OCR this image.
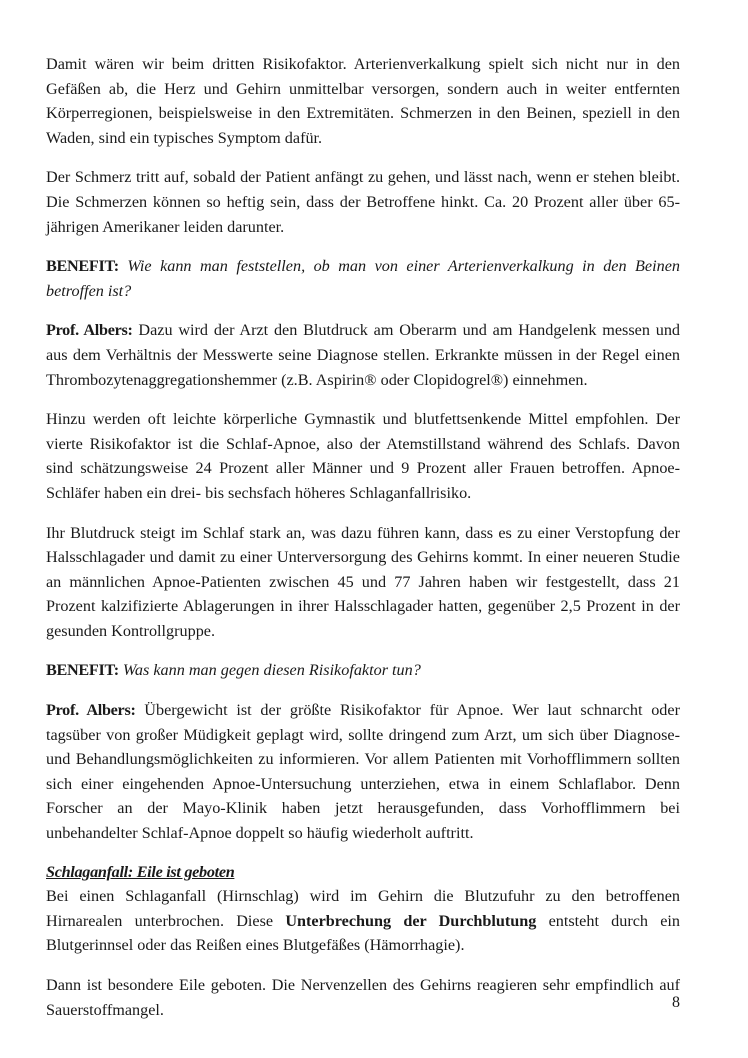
Damit wären wir beim dritten Risikofaktor. Arterienverkalkung spielt sich nicht nur in den Gefäßen ab, die Herz und Gehirn unmittelbar versorgen, sondern auch in weiter entfernten Körperregionen, beispielsweise in den Extremitäten. Schmerzen in den Beinen, speziell in den Waden, sind ein typisches Symptom dafür.

Der Schmerz tritt auf, sobald der Patient anfängt zu gehen, und lässt nach, wenn er stehen bleibt. Die Schmerzen können so heftig sein, dass der Betroffene hinkt. Ca. 20 Prozent aller über 65-jährigen Amerikaner leiden darunter.

BENEFIT: Wie kann man feststellen, ob man von einer Arterienverkalkung in den Beinen betroffen ist?

Prof. Albers: Dazu wird der Arzt den Blutdruck am Oberarm und am Handgelenk messen und aus dem Verhältnis der Messwerte seine Diagnose stellen. Erkrankte müssen in der Regel einen Thrombozytenaggregationshemmer (z.B. Aspirin® oder Clopidogrel®) einnehmen.

Hinzu werden oft leichte körperliche Gymnastik und blutfettsenkende Mittel empfohlen. Der vierte Risikofaktor ist die Schlaf-Apnoe, also der Atemstillstand während des Schlafs. Davon sind schätzungsweise 24 Prozent aller Männer und 9 Prozent aller Frauen betroffen. Apnoe-Schläfer haben ein drei- bis sechsfach höheres Schlaganfallrisiko.

Ihr Blutdruck steigt im Schlaf stark an, was dazu führen kann, dass es zu einer Verstopfung der Halsschlagader und damit zu einer Unterversorgung des Gehirns kommt. In einer neueren Studie an männlichen Apnoe-Patienten zwischen 45 und 77 Jahren haben wir festgestellt, dass 21 Prozent kalzifizierte Ablagerungen in ihrer Halsschlagader hatten, gegenüber 2,5 Prozent in der gesunden Kontrollgruppe.

BENEFIT: Was kann man gegen diesen Risikofaktor tun?

Prof. Albers: Übergewicht ist der größte Risikofaktor für Apnoe. Wer laut schnarcht oder tagsüber von großer Müdigkeit geplagt wird, sollte dringend zum Arzt, um sich über Diagnose- und Behandlungsmöglichkeiten zu informieren. Vor allem Patienten mit Vorhofflimmern sollten sich einer eingehenden Apnoe-Untersuchung unterziehen, etwa in einem Schlaflabor. Denn Forscher an der Mayo-Klinik haben jetzt herausgefunden, dass Vorhofflimmern bei unbehandelter Schlaf-Apnoe doppelt so häufig wiederholt auftritt.

Schlaganfall: Eile ist geboten

Bei einen Schlaganfall (Hirnschlag) wird im Gehirn die Blutzufuhr zu den betroffenen Hirnarealen unterbrochen. Diese Unterbrechung der Durchblutung entsteht durch ein Blutgerinnsel oder das Reißen eines Blutgefäßes (Hämorrhagie).

Dann ist besondere Eile geboten. Die Nervenzellen des Gehirns reagieren sehr empfindlich auf Sauerstoffmangel.	8
